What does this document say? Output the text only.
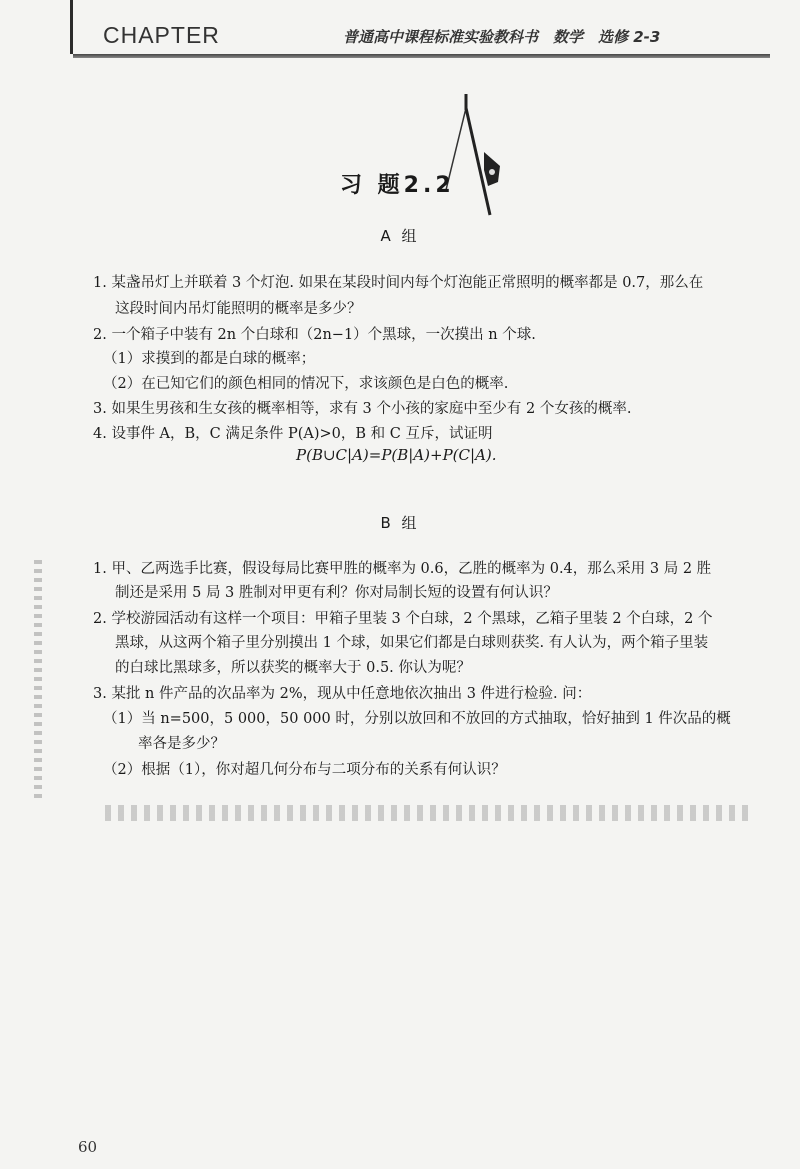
CHAPTER	普通高中课程标准实验教科书　数学　选修 2-3
习 题2.2
A 组
1. 某盏吊灯上并联着 3 个灯泡. 如果在某段时间内每个灯泡能正常照明的概率都是 0.7，那么在
这段时间内吊灯能照明的概率是多少？
2. 一个箱子中装有 2n 个白球和（2n−1）个黑球，一次摸出 n 个球.
（1）求摸到的都是白球的概率；
（2）在已知它们的颜色相同的情况下，求该颜色是白色的概率.
3. 如果生男孩和生女孩的概率相等，求有 3 个小孩的家庭中至少有 2 个女孩的概率.
4. 设事件 A，B，C 满足条件 P(A)>0，B 和 C 互斥，试证明
P(B∪C|A)=P(B|A)+P(C|A).
B 组
1. 甲、乙两选手比赛，假设每局比赛甲胜的概率为 0.6，乙胜的概率为 0.4，那么采用 3 局 2 胜
制还是采用 5 局 3 胜制对甲更有利？你对局制长短的设置有何认识？
2. 学校游园活动有这样一个项目：甲箱子里装 3 个白球，2 个黑球，乙箱子里装 2 个白球，2 个
黑球，从这两个箱子里分别摸出 1 个球，如果它们都是白球则获奖. 有人认为，两个箱子里装
的白球比黑球多，所以获奖的概率大于 0.5. 你认为呢？
3. 某批 n 件产品的次品率为 2%，现从中任意地依次抽出 3 件进行检验. 问：
（1）当 n=500，5 000，50 000 时，分别以放回和不放回的方式抽取，恰好抽到 1 件次品的概
率各是多少？
（2）根据（1），你对超几何分布与二项分布的关系有何认识？
60
